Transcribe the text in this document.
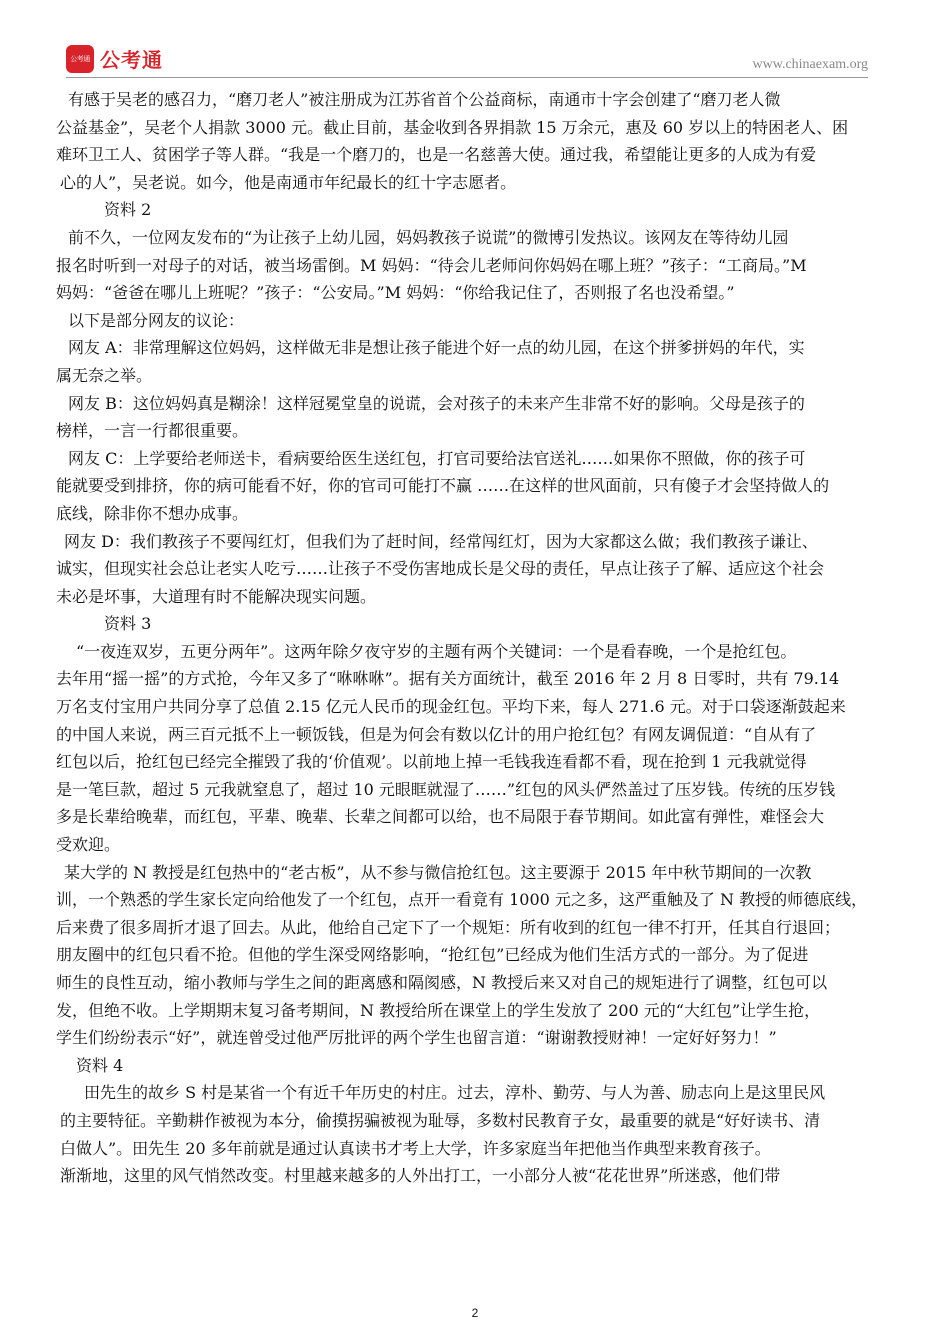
公考通 公考通	www.chinaexam.org

有感于吴老的感召力，“磨刀老人”被注册成为江苏省首个公益商标，南通市十字会创建了“磨刀老人微
公益基金”，吴老个人捐款 3000 元。截止目前，基金收到各界捐款 15 万余元，惠及 60 岁以上的特困老人、困
难环卫工人、贫困学子等人群。“我是一个磨刀的，也是一名慈善大使。通过我，希望能让更多的人成为有爱
心的人”，吴老说。如今，他是南通市年纪最长的红十字志愿者。

资料 2

前不久，一位网友发布的“为让孩子上幼儿园，妈妈教孩子说谎”的微博引发热议。该网友在等待幼儿园
报名时听到一对母子的对话，被当场雷倒。M 妈妈：“待会儿老师问你妈妈在哪上班？”孩子：“工商局。”M
妈妈：“爸爸在哪儿上班呢？”孩子：“公安局。”M 妈妈：“你给我记住了，否则报了名也没希望。”

以下是部分网友的议论：

网友 A：非常理解这位妈妈，这样做无非是想让孩子能进个好一点的幼儿园，在这个拼爹拼妈的年代，实
属无奈之举。

网友 B：这位妈妈真是糊涂！这样冠冕堂皇的说谎，会对孩子的未来产生非常不好的影响。父母是孩子的
榜样，一言一行都很重要。

网友 C：上学要给老师送卡，看病要给医生送红包，打官司要给法官送礼……如果你不照做，你的孩子可
能就要受到排挤，你的病可能看不好，你的官司可能打不赢 ……在这样的世风面前，只有傻子才会坚持做人的
底线，除非你不想办成事。

网友 D：我们教孩子不要闯红灯，但我们为了赶时间，经常闯红灯，因为大家都这么做；我们教孩子谦让、
诚实，但现实社会总让老实人吃亏……让孩子不受伤害地成长是父母的责任，早点让孩子了解、适应这个社会
未必是坏事，大道理有时不能解决现实问题。

资料 3

“一夜连双岁，五更分两年”。这两年除夕夜守岁的主题有两个关键词：一个是看春晚，一个是抢红包。
去年用“摇一摇”的方式抢，今年又多了“咻咻咻”。据有关方面统计，截至 2016 年 2 月 8 日零时，共有 79.14
万名支付宝用户共同分享了总值 2.15 亿元人民币的现金红包。平均下来，每人 271.6 元。对于口袋逐渐鼓起来
的中国人来说，两三百元抵不上一顿饭钱，但是为何会有数以亿计的用户抢红包？有网友调侃道：“自从有了
红包以后，抢红包已经完全摧毁了我的‘价值观’。以前地上掉一毛钱我连看都不看，现在抢到 1 元我就觉得
是一笔巨款，超过 5 元我就窒息了，超过 10 元眼眶就湿了……”红包的风头俨然盖过了压岁钱。传统的压岁钱
多是长辈给晚辈，而红包，平辈、晚辈、长辈之间都可以给，也不局限于春节期间。如此富有弹性，难怪会大
受欢迎。

某大学的 N 教授是红包热中的“老古板”，从不参与微信抢红包。这主要源于 2015 年中秋节期间的一次教
训，一个熟悉的学生家长定向给他发了一个红包，点开一看竟有 1000 元之多，这严重触及了 N 教授的师德底线，
后来费了很多周折才退了回去。从此，他给自己定下了一个规矩：所有收到的红包一律不打开，任其自行退回；
朋友圈中的红包只看不抢。但他的学生深受网络影响，“抢红包”已经成为他们生活方式的一部分。为了促进
师生的良性互动，缩小教师与学生之间的距离感和隔阂感，N 教授后来又对自己的规矩进行了调整，红包可以
发，但绝不收。上学期期末复习备考期间，N 教授给所在课堂上的学生发放了 200 元的“大红包”让学生抢，
学生们纷纷表示“好”，就连曾受过他严厉批评的两个学生也留言道：“谢谢教授财神！一定好好努力！”

资料 4

田先生的故乡 S 村是某省一个有近千年历史的村庄。过去，淳朴、勤劳、与人为善、励志向上是这里民风
的主要特征。辛勤耕作被视为本分，偷摸拐骗被视为耻辱，多数村民教育子女，最重要的就是“好好读书、清
白做人”。田先生 20 多年前就是通过认真读书才考上大学，许多家庭当年把他当作典型来教育孩子。

渐渐地，这里的风气悄然改变。村里越来越多的人外出打工，一小部分人被“花花世界”所迷惑，他们带

2
